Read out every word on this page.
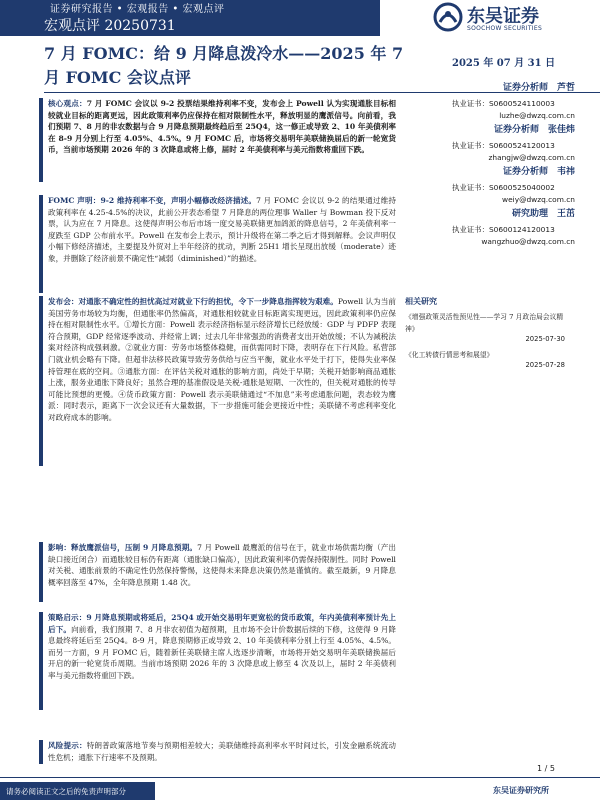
证券研究报告 • 宏观报告 • 宏观点评
宏观点评 20250731	东吴证券
SOOCHOW SECURITIES
7 月 FOMC：给 9 月降息泼冷水——2025 年 7 月 FOMC 会议点评
2025 年 07 月 31 日

核心观点：7 月 FOMC 会议以 9-2 投票结果维持利率不变，发布会上 Powell 认为实现通胀目标相较就业目标的距离更远，因此政策利率仍应保持在相对限制性水平，释放明显的鹰派信号。向前看，我们预期 7、8 月的非农数据与合 9 月降息预期最终趋后至 25Q4，这一修正或导致 2、10 年美债利率在 8-9 月分别上行至 4.05%、4.5%。9 月 FOMC 后，市场将交易明年美联储换届后的新一轮宽货币，当前市场预期 2026 年的 3 次降息或将上修，届时 2 年美债利率与美元指数将重回下跌。

FOMC 声明：9-2 维持利率不变，声明小幅修改经济描述。7 月 FOMC 会议以 9-2 的结果通过维持政策利率在 4.25-4.5%的决议，此前公开表态希望 7 月降息的两位理事 Waller 与 Bowman 投下反对票，认为应在 7 月降息。这使得声明公布后市场一度交易美联储更加鸽派的降息信号，2 年美债利率一度跌至 GDP 公布前水平。Powell 在发布会上表示，预计升级将在第二季之后才得到解释。会议声明仅小幅下修经济描述，主要提及外贸对上半年经济的扰动，判断 25H1 增长呈现出放缓（moderate）迹象，并删除了经济前景不确定性“减弱（diminished）”的描述。

发布会：对通胀不确定性的担忧高过对就业下行的担忧，令下一步降息指挥较为艰难。Powell 认为当前美国劳务市场较为均衡，但通胀率仍然偏高，对通胀相较就业目标距离实现更远，因此政策利率仍应保持在相对限制性水平。①增长方面：Powell 表示经济指标显示经济增长已经放缓：GDP 与 PDFP 表现符合预期，GDP 经常逐季波动、并经常上调；过去几年非常强劲的消费者支出开始放缓；不认为减税法案对经济构成强刺激。②就业方面：劳务市场整体稳健，而供需同时下降，表明存在下行风险。私营部门就业机会略有下降。但超非法移民政策导致劳务供给与应当平衡，就业水平处于打下，使得失业率保持管理在底的空间。③通胀方面：在评估关税对通胀的影响方面，尚处于早期；关税开始影响商品通胀上涨，服务业通胀下降良好；虽然合理的基准假设是关税-通胀是短期、一次性的，但关税对通胀的传导可能比预想的更慢。④货币政策方面：Powell 表示美联储通过“不加息”来考虑通胀问题，表态较为鹰派：同时表示，距离下一次会议还有大量数据，下一步措施可能会更接近中性；美联储不考虑利率变化对政府成本的影响。

影响：释放鹰派信号，压制 9 月降息预期。7 月 Powell 最鹰派的信号在于，就业市场供需均衡（产出缺口接近闭合）而通胀较目标仍有距离（通胀缺口偏高），因此政策利率仍需保持限制性。同时 Powell 对关税、通胀前景的不确定性仍然保持警惕，这使得未来降息决策仍然是谨慎的。截至最新，9 月降息概率回落至 47%，全年降息预期 1.48 次。

策略启示：9 月降息预期或将延后，25Q4 或开始交易明年更宽松的货币政策，年内美债利率预计先上后下。向前看，我们预期 7、8 月非农初值为超预期，且市场不会计价数据后续的下修，这使得 9 月降息最终将延后至 25Q4。8-9 月，降息预期修正或导致 2、10 年美债利率分别上行至 4.05%、4.5%。而另一方面，9 月 FOMC 后，随着新任美联储主席人选逐步清晰，市场将开始交易明年美联储换届后开启的新一轮宽货币周期。当前市场预期 2026 年的 3 次降息或上修至 4 次及以上，届时 2 年美债利率与美元指数将重回下跌。

风险提示：特朗普政策落地节奏与预期相差较大；美联储维持高利率水平时间过长，引发金融系统流动性危机；通胀下行速率不及预期。

证券分析师　芦哲
执业证书：S0600524110003
luzhe@dwzq.com.cn
证券分析师　张佳炜
执业证书：S0600524120013
zhangjw@dwzq.com.cn
证券分析师　韦祎
执业证书：S0600525040002
weiy@dwzq.com.cn
研究助理　王茁
执业证书：S0600124120013
wangzhuo@dwzq.com.cn
相关研究
《增强政策灵活性预见性——学习 7 月政治局会议精神》
2025-07-30
《化工转债行情思考和展望》
2025-07-28
1 / 5
请务必阅读正文之后的免责声明部分	东吴证券研究所
